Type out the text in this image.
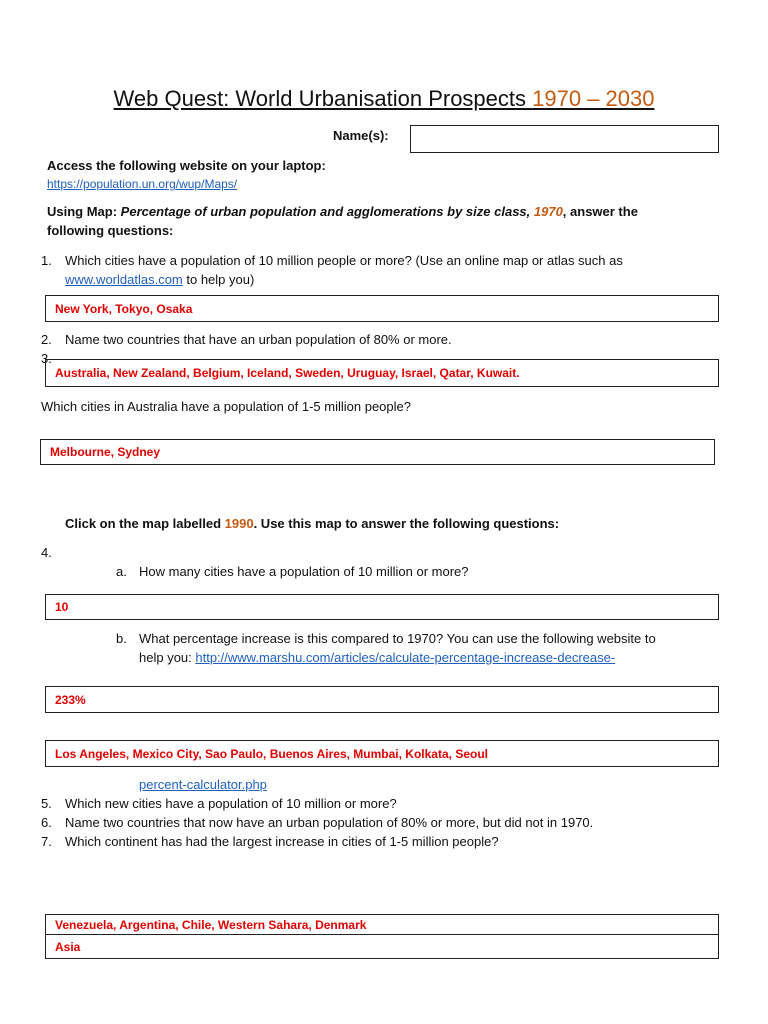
Web Quest: World Urbanisation Prospects 1970 – 2030
Name(s):
Access the following website on your laptop:
https://population.un.org/wup/Maps/
Using Map: Percentage of urban population and agglomerations by size class, 1970, answer the
following questions:
1. Which cities have a population of 10 million people or more? (Use an online map or atlas such as
www.worldatlas.com to help you)
New York, Tokyo, Osaka
2. Name two countries that have an urban population of 80% or more.
3.
Australia, New Zealand, Belgium, Iceland, Sweden, Uruguay, Israel, Qatar, Kuwait.
Which cities in Australia have a population of 1-5 million people?
Melbourne, Sydney
Click on the map labelled 1990. Use this map to answer the following questions:
4.
a. How many cities have a population of 10 million or more?
10
b. What percentage increase is this compared to 1970? You can use the following website to
help you: http://www.marshu.com/articles/calculate-percentage-increase-decrease-
233%
Los Angeles, Mexico City, Sao Paulo, Buenos Aires, Mumbai, Kolkata, Seoul
percent-calculator.php
5. Which new cities have a population of 10 million or more?
6. Name two countries that now have an urban population of 80% or more, but did not in 1970.
7. Which continent has had the largest increase in cities of 1-5 million people?
Venezuela, Argentina, Chile, Western Sahara, Denmark
Asia
